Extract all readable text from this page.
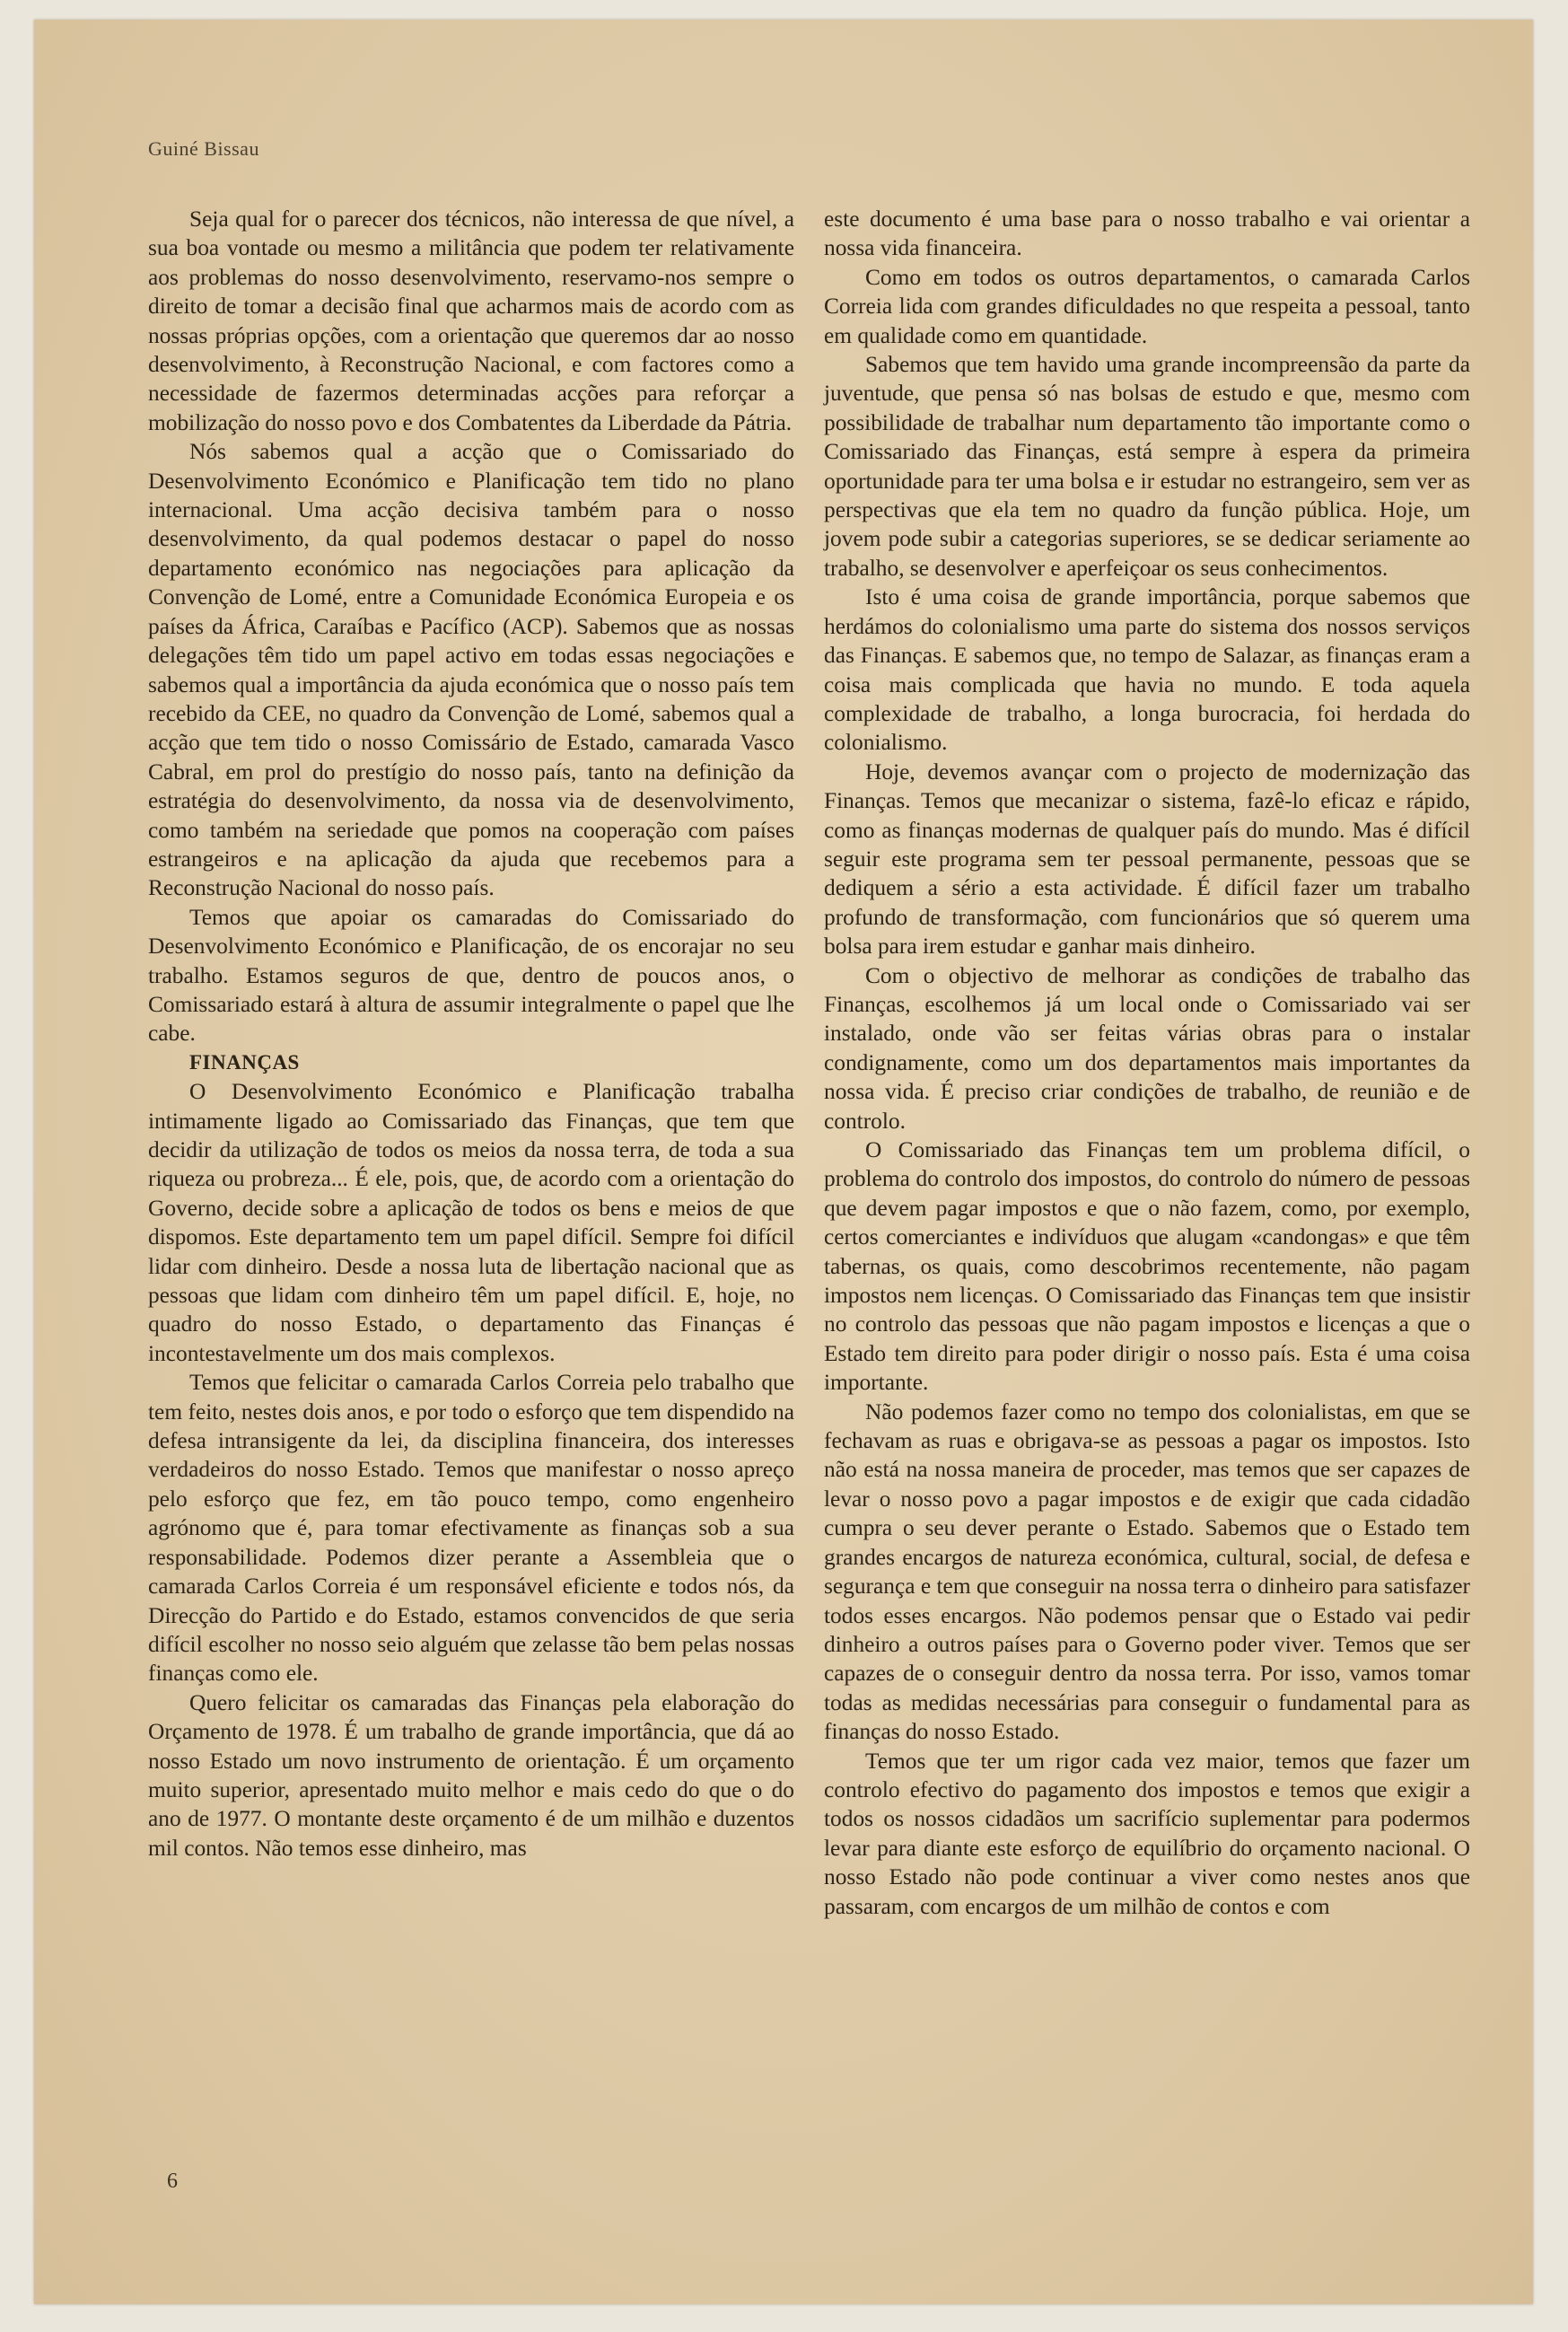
Guiné Bissau

Seja qual for o parecer dos técnicos, não interessa de que nível, a sua boa vontade ou mesmo a militância que podem ter relativamente aos problemas do nosso desenvolvimento, reservamo-nos sempre o direito de tomar a decisão final que acharmos mais de acordo com as nossas próprias opções, com a orientação que queremos dar ao nosso desenvolvimento, à Reconstrução Nacional, e com factores como a necessidade de fazermos determinadas acções para reforçar a mobilização do nosso povo e dos Combatentes da Liberdade da Pátria.

Nós sabemos qual a acção que o Comissariado do Desenvolvimento Económico e Planificação tem tido no plano internacional. Uma acção decisiva também para o nosso desenvolvimento, da qual podemos destacar o papel do nosso departamento económico nas negociações para aplicação da Convenção de Lomé, entre a Comunidade Económica Europeia e os países da África, Caraíbas e Pacífico (ACP). Sabemos que as nossas delegações têm tido um papel activo em todas essas negociações e sabemos qual a importância da ajuda económica que o nosso país tem recebido da CEE, no quadro da Convenção de Lomé, sabemos qual a acção que tem tido o nosso Comissário de Estado, camarada Vasco Cabral, em prol do prestígio do nosso país, tanto na definição da estratégia do desenvolvimento, da nossa via de desenvolvimento, como também na seriedade que pomos na cooperação com países estrangeiros e na aplicação da ajuda que recebemos para a Reconstrução Nacional do nosso país.

Temos que apoiar os camaradas do Comissariado do Desenvolvimento Económico e Planificação, de os encorajar no seu trabalho. Estamos seguros de que, dentro de poucos anos, o Comissariado estará à altura de assumir integralmente o papel que lhe cabe.

FINANÇAS

O Desenvolvimento Económico e Planificação trabalha intimamente ligado ao Comissariado das Finanças, que tem que decidir da utilização de todos os meios da nossa terra, de toda a sua riqueza ou probreza... É ele, pois, que, de acordo com a orientação do Governo, decide sobre a aplicação de todos os bens e meios de que dispomos. Este departamento tem um papel difícil. Sempre foi difícil lidar com dinheiro. Desde a nossa luta de libertação nacional que as pessoas que lidam com dinheiro têm um papel difícil. E, hoje, no quadro do nosso Estado, o departamento das Finanças é incontestavelmente um dos mais complexos.

Temos que felicitar o camarada Carlos Correia pelo trabalho que tem feito, nestes dois anos, e por todo o esforço que tem dispendido na defesa intransigente da lei, da disciplina financeira, dos interesses verdadeiros do nosso Estado. Temos que manifestar o nosso apreço pelo esforço que fez, em tão pouco tempo, como engenheiro agrónomo que é, para tomar efectivamente as finanças sob a sua responsabilidade. Podemos dizer perante a Assembleia que o camarada Carlos Correia é um responsável eficiente e todos nós, da Direcção do Partido e do Estado, estamos convencidos de que seria difícil escolher no nosso seio alguém que zelasse tão bem pelas nossas finanças como ele.

Quero felicitar os camaradas das Finanças pela elaboração do Orçamento de 1978. É um trabalho de grande importância, que dá ao nosso Estado um novo instrumento de orientação. É um orçamento muito superior, apresentado muito melhor e mais cedo do que o do ano de 1977. O montante deste orçamento é de um milhão e duzentos mil contos. Não temos esse dinheiro, mas

este documento é uma base para o nosso trabalho e vai orientar a nossa vida financeira.

Como em todos os outros departamentos, o camarada Carlos Correia lida com grandes dificuldades no que respeita a pessoal, tanto em qualidade como em quantidade.

Sabemos que tem havido uma grande incompreensão da parte da juventude, que pensa só nas bolsas de estudo e que, mesmo com possibilidade de trabalhar num departamento tão importante como o Comissariado das Finanças, está sempre à espera da primeira oportunidade para ter uma bolsa e ir estudar no estrangeiro, sem ver as perspectivas que ela tem no quadro da função pública. Hoje, um jovem pode subir a categorias superiores, se se dedicar seriamente ao trabalho, se desenvolver e aperfeiçoar os seus conhecimentos.

Isto é uma coisa de grande importância, porque sabemos que herdámos do colonialismo uma parte do sistema dos nossos serviços das Finanças. E sabemos que, no tempo de Salazar, as finanças eram a coisa mais complicada que havia no mundo. E toda aquela complexidade de trabalho, a longa burocracia, foi herdada do colonialismo.

Hoje, devemos avançar com o projecto de modernização das Finanças. Temos que mecanizar o sistema, fazê-lo eficaz e rápido, como as finanças modernas de qualquer país do mundo. Mas é difícil seguir este programa sem ter pessoal permanente, pessoas que se dediquem a sério a esta actividade. É difícil fazer um trabalho profundo de transformação, com funcionários que só querem uma bolsa para irem estudar e ganhar mais dinheiro.

Com o objectivo de melhorar as condições de trabalho das Finanças, escolhemos já um local onde o Comissariado vai ser instalado, onde vão ser feitas várias obras para o instalar condignamente, como um dos departamentos mais importantes da nossa vida. É preciso criar condições de trabalho, de reunião e de controlo.

O Comissariado das Finanças tem um problema difícil, o problema do controlo dos impostos, do controlo do número de pessoas que devem pagar impostos e que o não fazem, como, por exemplo, certos comerciantes e indivíduos que alugam «candongas» e que têm tabernas, os quais, como descobrimos recentemente, não pagam impostos nem licenças. O Comissariado das Finanças tem que insistir no controlo das pessoas que não pagam impostos e licenças a que o Estado tem direito para poder dirigir o nosso país. Esta é uma coisa importante.

Não podemos fazer como no tempo dos colonialistas, em que se fechavam as ruas e obrigava-se as pessoas a pagar os impostos. Isto não está na nossa maneira de proceder, mas temos que ser capazes de levar o nosso povo a pagar impostos e de exigir que cada cidadão cumpra o seu dever perante o Estado. Sabemos que o Estado tem grandes encargos de natureza económica, cultural, social, de defesa e segurança e tem que conseguir na nossa terra o dinheiro para satisfazer todos esses encargos. Não podemos pensar que o Estado vai pedir dinheiro a outros países para o Governo poder viver. Temos que ser capazes de o conseguir dentro da nossa terra. Por isso, vamos tomar todas as medidas necessárias para conseguir o fundamental para as finanças do nosso Estado.

Temos que ter um rigor cada vez maior, temos que fazer um controlo efectivo do pagamento dos impostos e temos que exigir a todos os nossos cidadãos um sacrifício suplementar para podermos levar para diante este esforço de equilíbrio do orçamento nacional. O nosso Estado não pode continuar a viver como nestes anos que passaram, com encargos de um milhão de contos e com

6
